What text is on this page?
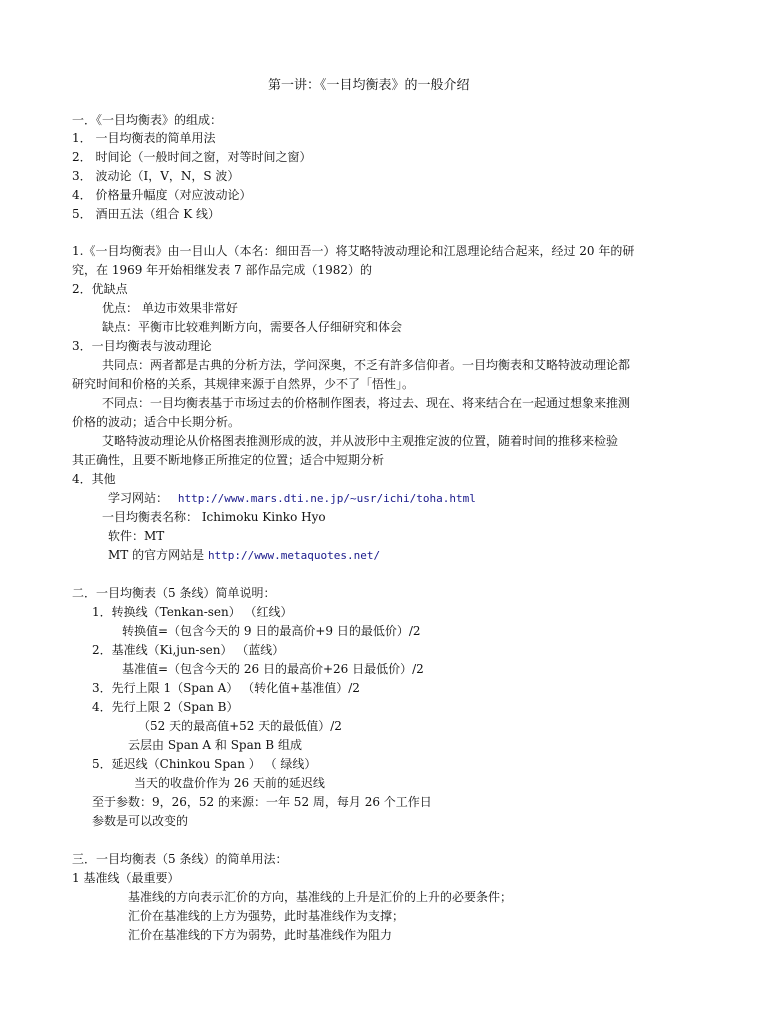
第一讲：《一目均衡表》的一般介绍
一．《一目均衡表》的组成：
1． 一目均衡表的简单用法
2． 时间论（一般时间之窗，对等时间之窗）
3． 波动论（I，V，N，S 波）
4． 价格量升幅度（对应波动论）
5． 酒田五法（组合 K 线）
1.《一目均衡表》由一目山人（本名：细田吾一）将艾略特波动理论和江恩理论结合起来，经过 20 年的研
究，在 1969 年开始相继发表 7 部作品完成（1982）的
2．优缺点
优点： 单边市效果非常好
缺点：平衡市比较难判断方向，需要各人仔细研究和体会
3．一目均衡表与波动理论
共同点：两者都是古典的分析方法，学问深奥，不乏有許多信仰者。一目均衡表和艾略特波动理论都
研究时间和价格的关系，其规律来源于自然界，少不了「悟性」。
不同点：一目均衡表基于市场过去的价格制作图表，将过去、现在、将来结合在一起通过想象来推测
价格的波动；适合中长期分析。
艾略特波动理论从价格图表推测形成的波，并从波形中主观推定波的位置，随着时间的推移来检验
其正确性，且要不断地修正所推定的位置；适合中短期分析
4．其他
学习网站： http://www.mars.dti.ne.jp/~usr/ichi/toha.html
一目均衡表名称： Ichimoku Kinko Hyo
软件：MT
MT 的官方网站是 http://www.metaquotes.net/
二．一目均衡表（5 条线）简单说明：
1．转换线（Tenkan-sen） （红线）
转换值=（包含今天的 9 日的最高价+9 日的最低价）/2
2．基准线（Ki,jun-sen） （蓝线）
基准值=（包含今天的 26 日的最高价+26 日最低价）/2
3．先行上限 1（Span A） （转化值+基准值）/2
4．先行上限 2（Span B）
（52 天的最高值+52 天的最低值）/2
云层由 Span A 和 Span B 组成
5．延迟线（Chinkou Span ） （ 绿线）
当天的收盘价作为 26 天前的延迟线
至于参数：9，26，52 的来源：一年 52 周，每月 26 个工作日
参数是可以改变的
三．一目均衡表（5 条线）的简单用法：
1 基准线（最重要）
基准线的方向表示汇价的方向，基准线的上升是汇价的上升的必要条件；
汇价在基准线的上方为强势，此时基准线作为支撑；
汇价在基准线的下方为弱势，此时基准线作为阻力
